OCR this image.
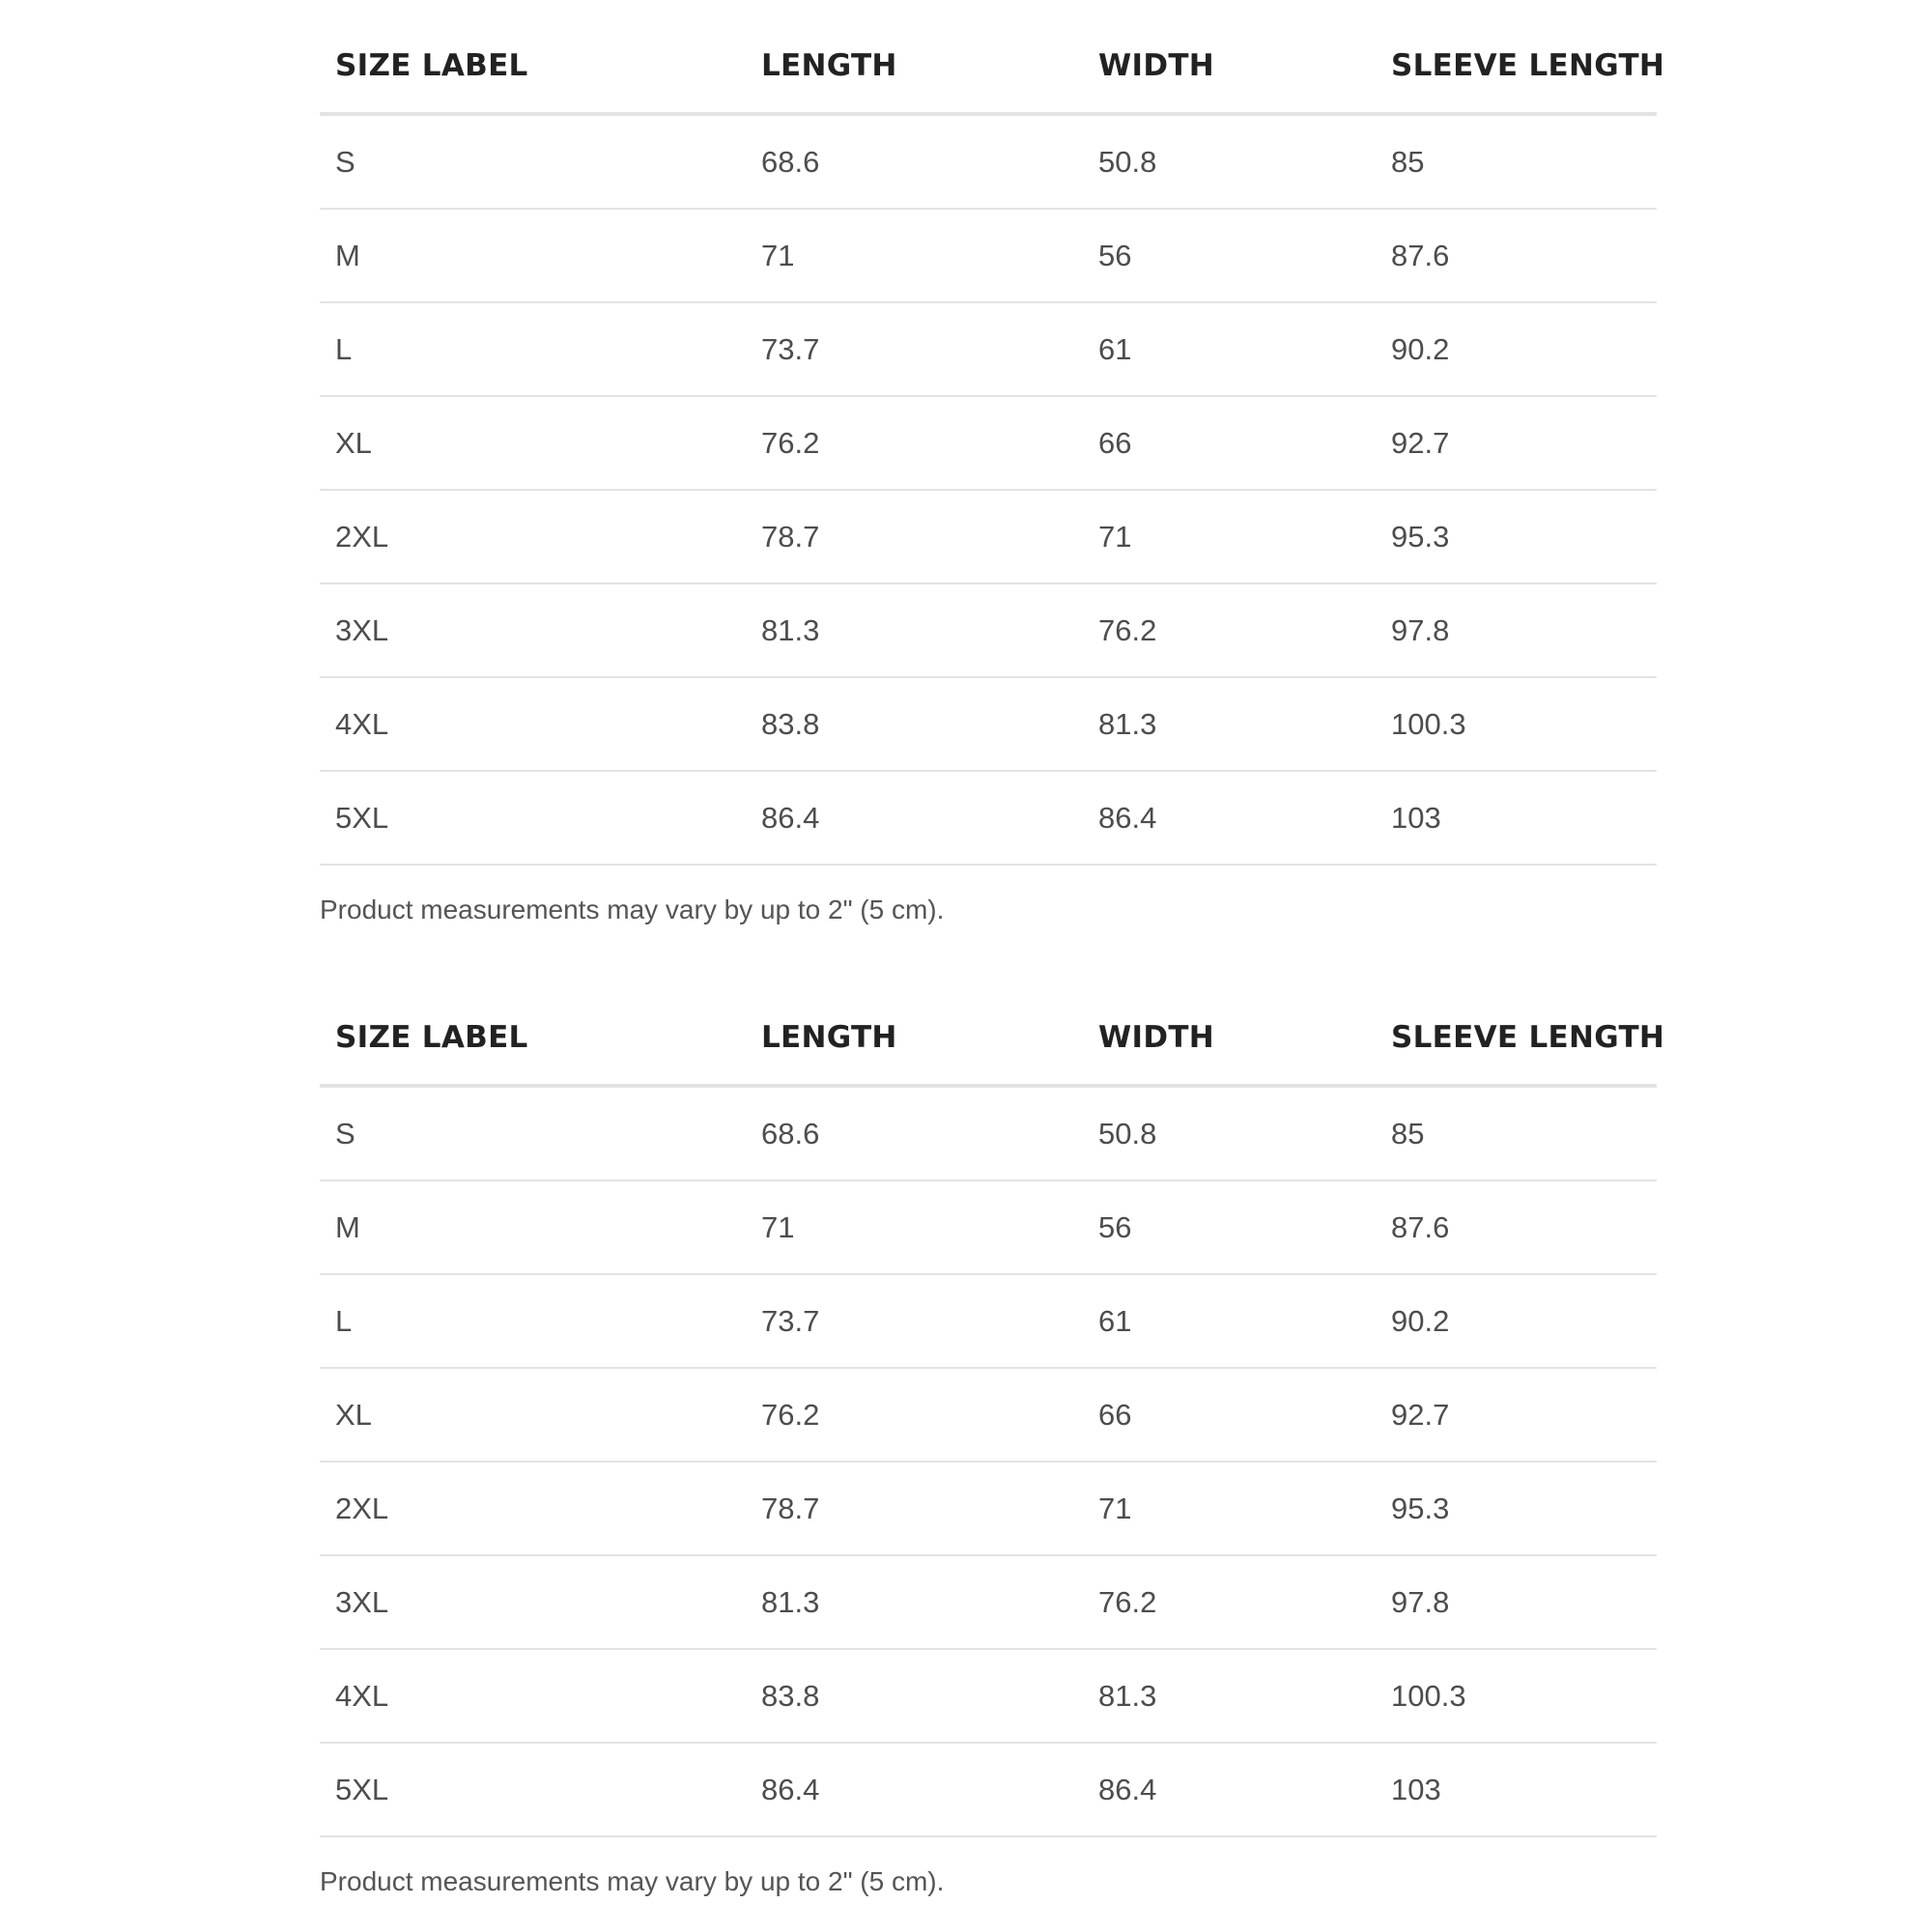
SIZE LABEL	LENGTH	WIDTH	SLEEVE LENGTH
S	68.6	50.8	85
M	71	56	87.6
L	73.7	61	90.2
XL	76.2	66	92.7
2XL	78.7	71	95.3
3XL	81.3	76.2	97.8
4XL	83.8	81.3	100.3
5XL	86.4	86.4	103

Product measurements may vary by up to 2" (5 cm).

SIZE LABEL	LENGTH	WIDTH	SLEEVE LENGTH
S	68.6	50.8	85
M	71	56	87.6
L	73.7	61	90.2
XL	76.2	66	92.7
2XL	78.7	71	95.3
3XL	81.3	76.2	97.8
4XL	83.8	81.3	100.3
5XL	86.4	86.4	103

Product measurements may vary by up to 2" (5 cm).
